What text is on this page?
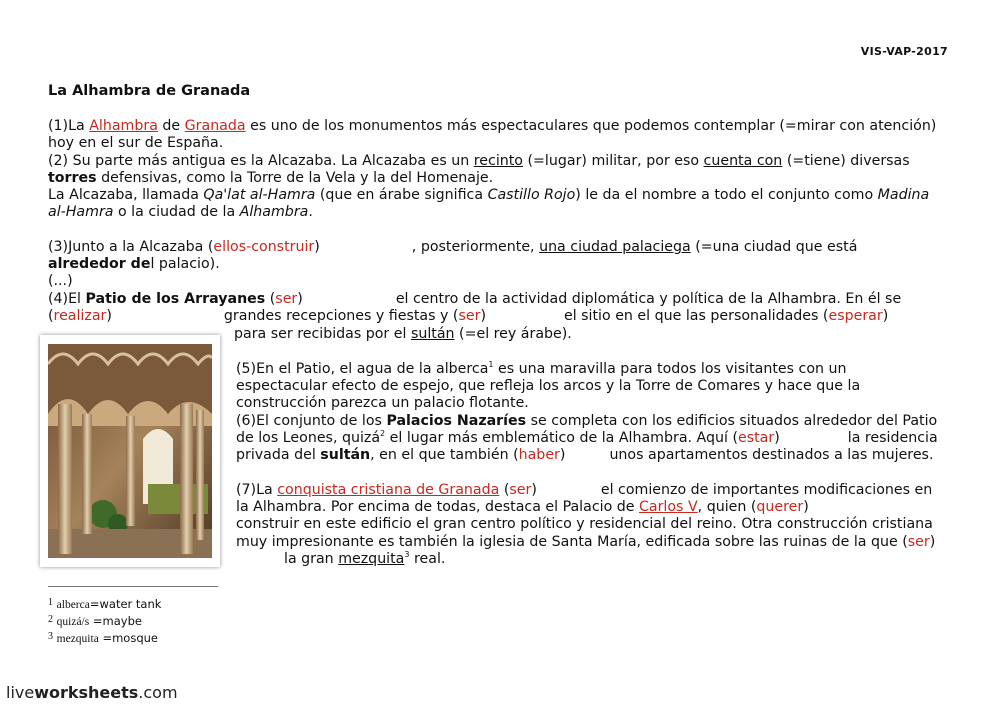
VIS-VAP-2017
La Alhambra de Granada
(1)La Alhambra de Granada es uno de los monumentos más espectaculares que podemos contemplar (=mirar con atención)
hoy en el sur de España.
(2) Su parte más antigua es la Alcazaba. La Alcazaba es un recinto (=lugar) militar, por eso cuenta con (=tiene) diversas
torres defensivas, como la Torre de la Vela y la del Homenaje.
La Alcazaba, llamada Qa'lat al-Hamra (que en árabe significa Castillo Rojo) le da el nombre a todo el conjunto como Madina
al-Hamra o la ciudad de la Alhambra.
(3)Junto a la Alcazaba (ellos-construir)	, posteriormente, una ciudad palaciega (=una ciudad que está
alrededor del palacio).
(...)
(4)El Patio de los Arrayanes (ser)	el centro de la actividad diplomática y política de la Alhambra. En él se
(realizar)	grandes recepciones y fiestas y (ser)	el sitio en el que las personalidades (esperar)
para ser recibidas por el sultán (=el rey árabe).
(5)En el Patio, el agua de la alberca$^1$ es una maravilla para todos los visitantes con un
espectacular efecto de espejo, que refleja los arcos y la Torre de Comares y hace que la
construcción parezca un palacio flotante.
(6)El conjunto de los Palacios Nazaríes se completa con los edificios situados alrededor del Patio
de los Leones, quizá$^2$ el lugar más emblemático de la Alhambra. Aquí (estar)	la residencia
privada del sultán, en el que también (haber)	unos apartamentos destinados a las mujeres.
(7)La conquista cristiana de Granada (ser)	el comienzo de importantes modificaciones en
la Alhambra. Por encima de todas, destaca el Palacio de Carlos V, quien (querer)
construir en este edificio el gran centro político y residencial del reino. Otra construcción cristiana
muy impresionante es también la iglesia de Santa María, edificada sobre las ruinas de la que (ser)
la gran mezquita$^3$ real.
1 alberca=water tank
2 quizá/s =maybe
3 mezquita =mosque
liveworksheets.com
